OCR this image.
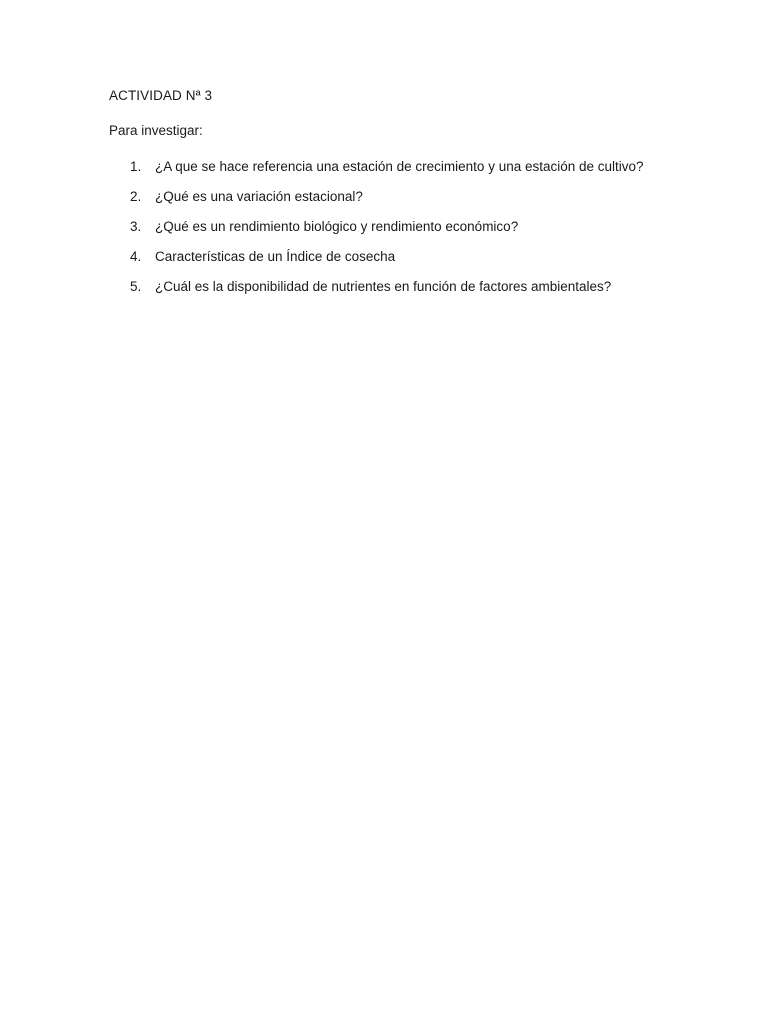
ACTIVIDAD Nª 3
Para investigar:
1.	¿A que se hace referencia una estación de crecimiento y una estación de cultivo?
2.	¿Qué es una variación estacional?
3.	¿Qué es un rendimiento biológico y rendimiento económico?
4.	Características de un Índice de cosecha
5.	¿Cuál es la disponibilidad de nutrientes en función de factores ambientales?
